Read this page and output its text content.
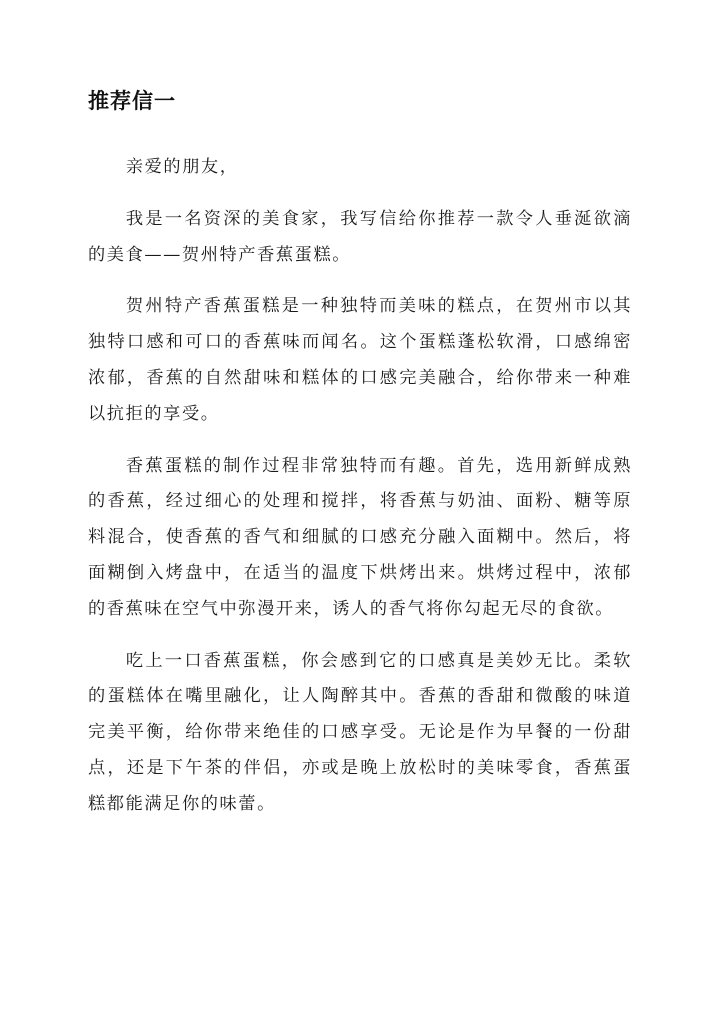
推荐信一

亲爱的朋友，

我是一名资深的美食家，我写信给你推荐一款令人垂涎欲滴的美食——贺州特产香蕉蛋糕。

贺州特产香蕉蛋糕是一种独特而美味的糕点，在贺州市以其独特口感和可口的香蕉味而闻名。这个蛋糕蓬松软滑，口感绵密浓郁，香蕉的自然甜味和糕体的口感完美融合，给你带来一种难以抗拒的享受。

香蕉蛋糕的制作过程非常独特而有趣。首先，选用新鲜成熟的香蕉，经过细心的处理和搅拌，将香蕉与奶油、面粉、糖等原料混合，使香蕉的香气和细腻的口感充分融入面糊中。然后，将面糊倒入烤盘中，在适当的温度下烘烤出来。烘烤过程中，浓郁的香蕉味在空气中弥漫开来，诱人的香气将你勾起无尽的食欲。

吃上一口香蕉蛋糕，你会感到它的口感真是美妙无比。柔软的蛋糕体在嘴里融化，让人陶醉其中。香蕉的香甜和微酸的味道完美平衡，给你带来绝佳的口感享受。无论是作为早餐的一份甜点，还是下午茶的伴侣，亦或是晚上放松时的美味零食，香蕉蛋糕都能满足你的味蕾。
